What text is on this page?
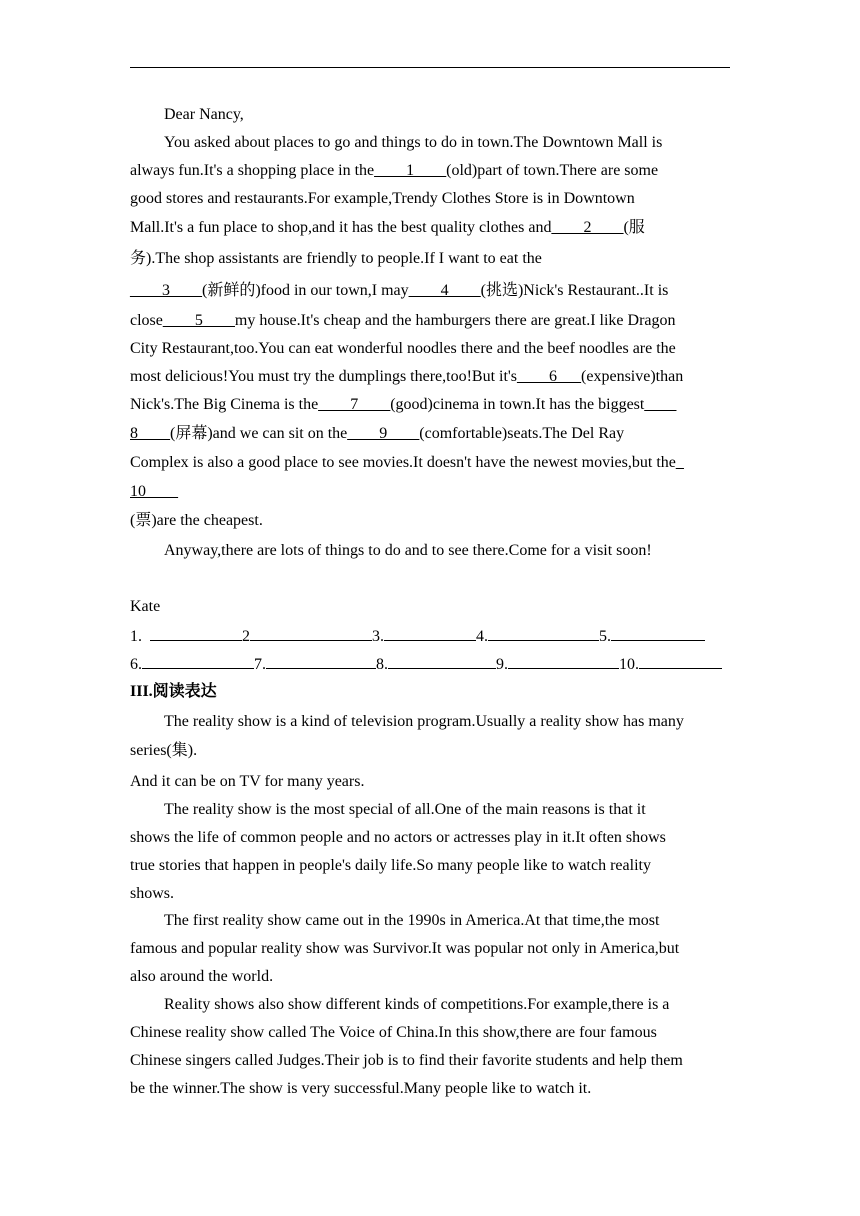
Dear Nancy,
You asked about places to go and things to do in town.The Downtown Mall is
always fun.It's a shopping place in the____1____(old)part of town.There are some
good stores and restaurants.For example,Trendy Clothes Store is in Downtown
Mall.It's a fun place to shop,and it has the best quality clothes and____2____(服
务).The shop assistants are friendly to people.If I want to eat the
____3____(新鲜的)food in our town,I may____4____(挑选)Nick's Restaurant..It is
close____5____my house.It's cheap and the hamburgers there are great.I like Dragon
City Restaurant,too.You can eat wonderful noodles there and the beef noodles are the
most delicious!You must try the dumplings there,too!But it's____6___(expensive)than
Nick's.The Big Cinema is the____7____(good)cinema in town.It has the biggest____
8____(屏幕)and we can sit on the____9____(comfortable)seats.The Del Ray
Complex is also a good place to see movies.It doesn't have the newest movies,but the_
10____
(票)are the cheapest.
Anyway,there are lots of things to do and to see there.Come for a visit soon!
Kate
1.	2	3.	4.	5.
6.	7.	8.	9.	10.
III.阅读表达
The reality show is a kind of television program.Usually a reality show has many
series(集).
And it can be on TV for many years.
The reality show is the most special of all.One of the main reasons is that it
shows the life of common people and no actors or actresses play in it.It often shows
true stories that happen in people's daily life.So many people like to watch reality
shows.
The first reality show came out in the 1990s in America.At that time,the most
famous and popular reality show was Survivor.It was popular not only in America,but
also around the world.
Reality shows also show different kinds of competitions.For example,there is a
Chinese reality show called The Voice of China.In this show,there are four famous
Chinese singers called Judges.Their job is to find their favorite students and help them
be the winner.The show is very successful.Many people like to watch it.
